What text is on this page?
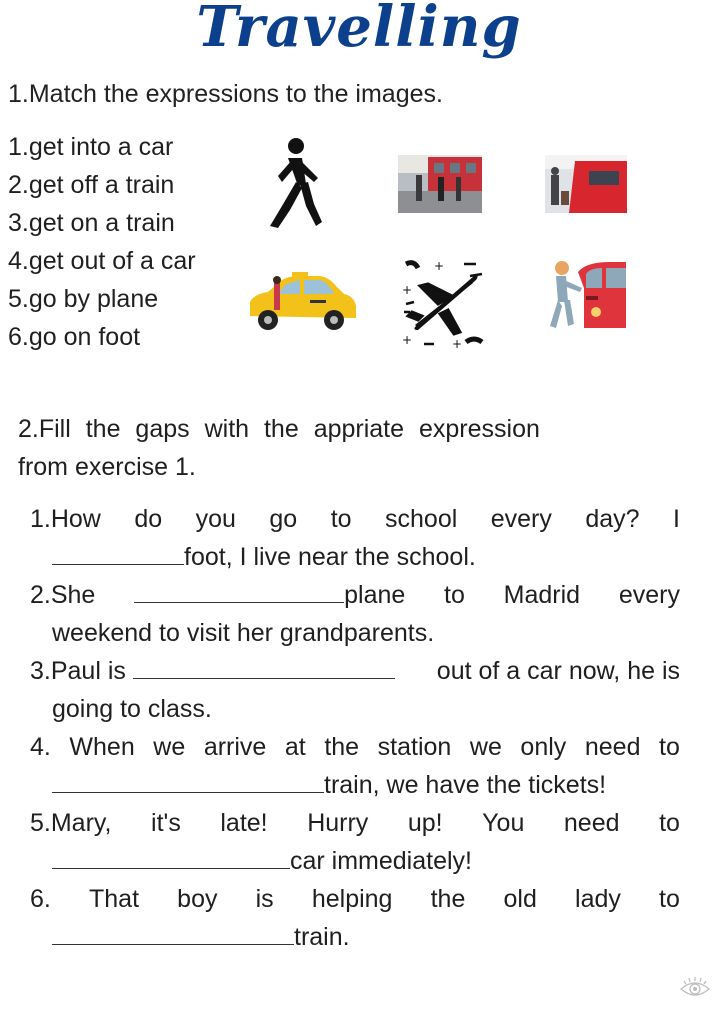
Travelling
1.Match the expressions to the images.
1.get into a car
2.get off a train
3.get on a train
4.get out of a car
5.go by plane
6.go on foot
+
+
+	+
2.Fill the gaps with the appriate expression
from exercise 1.
1.How do you go to school every day? I
foot, I live near the school.
2.She	plane to Madrid every
weekend to visit her grandparents.
3.Paul is	out of a car now, he is
going to class.
4. When we arrive at the station we only need to
train, we have the tickets!
5.Mary, it's late! Hurry up! You need to
car immediately!
6. That boy is helping the old lady to
train.
